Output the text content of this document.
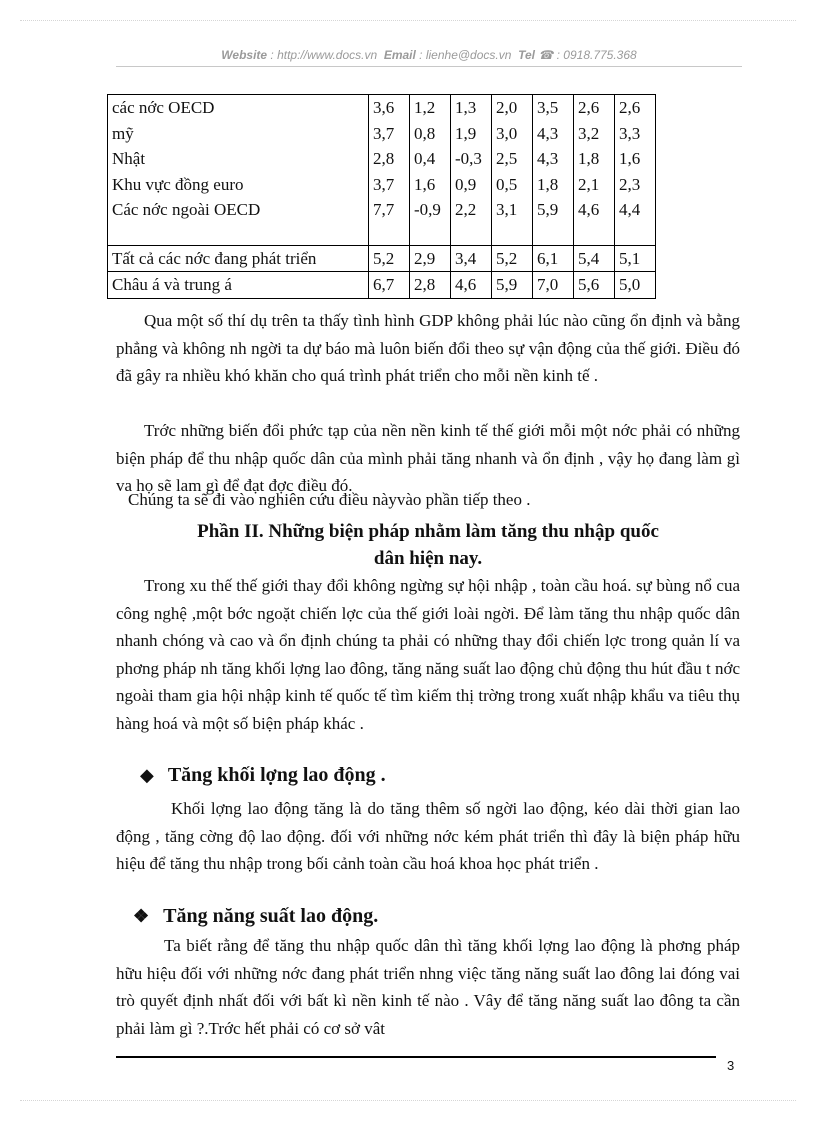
Website : http://www.docs.vn Email : lienhe@docs.vn Tel ☎ : 0918.775.368
các nớc OECD	3,6	1,2	1,3	2,0	3,5	2,6	2,6
mỹ	3,7	0,8	1,9	3,0	4,3	3,2	3,3
Nhật	2,8	0,4	-0,3	2,5	4,3	1,8	1,6
Khu vực đồng euro	3,7	1,6	0,9	0,5	1,8	2,1	2,3
Các nớc ngoài OECD	7,7	-0,9	2,2	3,1	5,9	4,6	4,4

Tất cả các nớc đang phát triển	5,2	2,9	3,4	5,2	6,1	5,4	5,1
Châu á và trung á	6,7	2,8	4,6	5,9	7,0	5,6	5,0

Qua một số thí dụ trên ta thấy tình hình GDP không phải lúc nào cũng ổn định và bằng phẳng và không nh ngời ta dự báo mà luôn biến đổi theo sự vận động của thế giới. Điều đó đã gây ra nhiều khó khăn cho quá trình phát triển cho mỗi nền kinh tế .

Trớc những biến đổi phức tạp của nền nền kinh tế thế giới mỗi một nớc phải có những biện pháp để thu nhập quốc dân của mình phải tăng nhanh và ổn định , vậy họ đang làm gì va họ sẽ lam gì để đạt đợc điều đó.

Chúng ta sẽ đi vào nghiên cứu điều nàyvào phần tiếp theo .

Phần II. Những biện pháp nhằm làm tăng thu nhập quốc

dân hiện nay.

Trong xu thế thế giới thay đổi không ngừng sự hội nhập , toàn cầu hoá. sự bùng nổ cua công nghệ ,một bớc ngoặt chiến lợc của thế giới loài ngời. Để làm tăng thu nhập quốc dân nhanh chóng và cao và ổn định chúng ta phải có những thay đổi chiến lợc trong quản lí va phơng pháp nh tăng khối lợng lao đông, tăng năng suất lao động chủ động thu hút đầu t nớc ngoài tham gia hội nhập kinh tế quốc tế tìm kiếm thị trờng trong xuất nhập khẩu va tiêu thụ hàng hoá và một số biện pháp khác .

◆ Tăng khối lợng lao động .

Khối lợng lao động tăng là do tăng thêm số ngời lao động, kéo dài thời gian lao động , tăng cờng độ lao động. đối với những nớc kém phát triển thì đây là biện pháp hữu hiệu để tăng thu nhập trong bối cảnh toàn cầu hoá khoa học phát triển .

❖ Tăng năng suất lao động.

Ta biết rằng để tăng thu nhập quốc dân thì tăng khối lợng lao động là phơng pháp hữu hiệu đối với những nớc đang phát triển nhng việc tăng năng suất lao đông lai đóng vai trò quyết định nhất đối với bất kì nền kinh tế nào . Vây để tăng năng suất lao đông ta cần phải làm gì ?.Trớc hết phải có cơ sở vât

3
